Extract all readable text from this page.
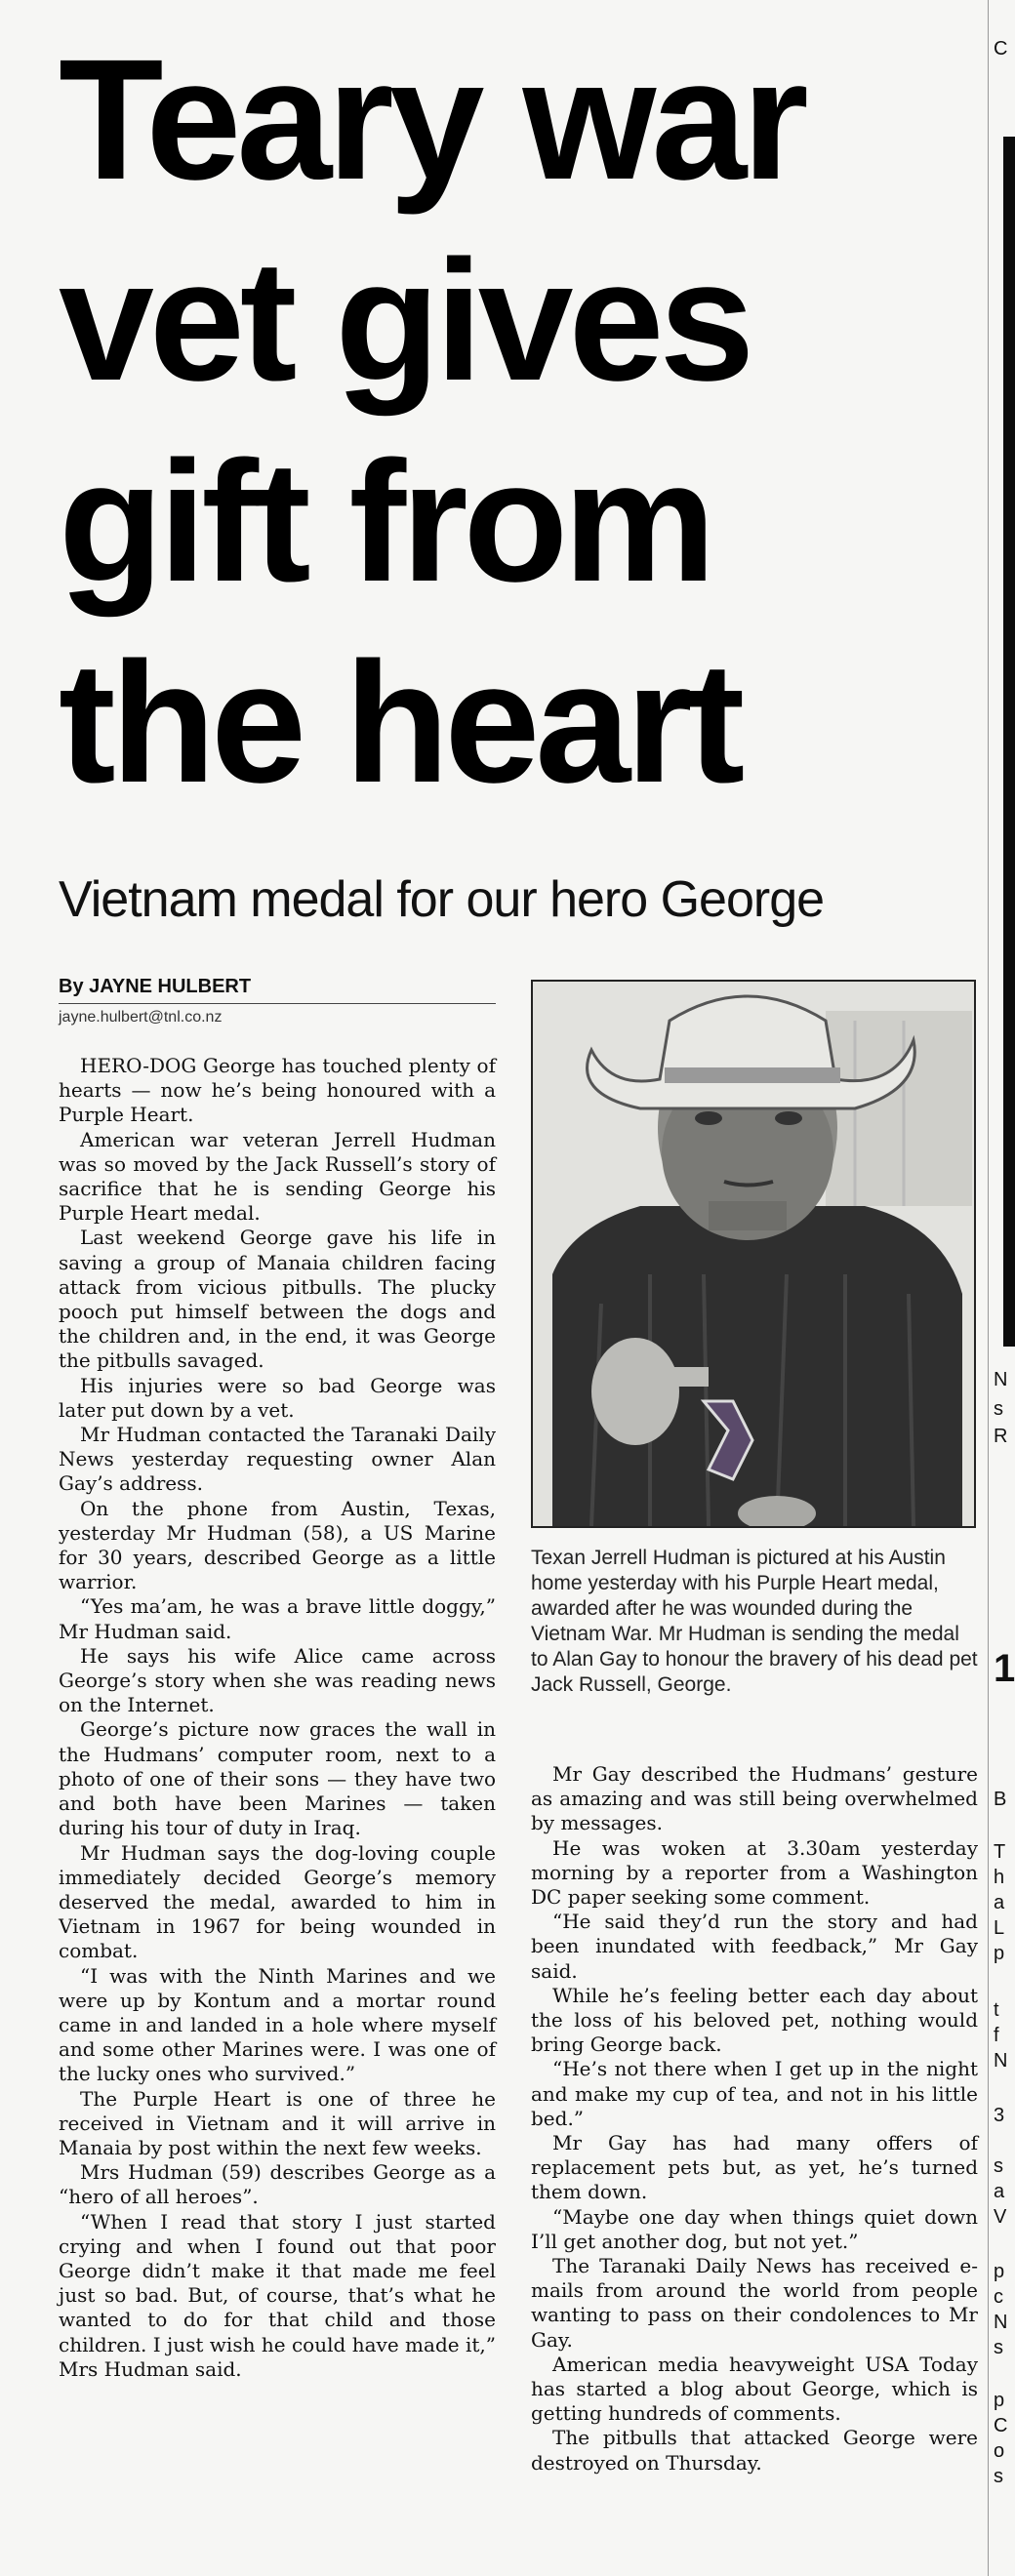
Teary war
vet gives
gift from
the heart
Vietnam medal for our hero George
By JAYNE HULBERT
jayne.hulbert@tnl.co.nz

HERO-DOG George has touched plenty of hearts — now he’s being honoured with a Purple Heart.

American war veteran Jerrell Hudman was so moved by the Jack Russell’s story of sacrifice that he is sending George his Purple Heart medal.

Last weekend George gave his life in saving a group of Manaia children facing attack from vicious pitbulls. The plucky pooch put himself between the dogs and the children and, in the end, it was George the pitbulls savaged.

His injuries were so bad George was later put down by a vet.

Mr Hudman contacted the Taranaki Daily News yesterday requesting owner Alan Gay’s address.

On the phone from Austin, Texas, yesterday Mr Hudman (58), a US Marine for 30 years, described George as a little warrior.

“Yes ma’am, he was a brave little doggy,” Mr Hudman said.

He says his wife Alice came across George’s story when she was reading news on the Internet.

George’s picture now graces the wall in the Hudmans’ computer room, next to a photo of one of their sons — they have two and both have been Marines — taken during his tour of duty in Iraq.

Mr Hudman says the dog-loving couple immediately decided George’s memory deserved the medal, awarded to him in Vietnam in 1967 for being wounded in combat.

“I was with the Ninth Marines and we were up by Kontum and a mortar round came in and landed in a hole where myself and some other Marines were. I was one of the lucky ones who survived.”

The Purple Heart is one of three he received in Vietnam and it will arrive in Manaia by post within the next few weeks.

Mrs Hudman (59) describes George as a “hero of all heroes”.

“When I read that story I just started crying and when I found out that poor George didn’t make it that made me feel just so bad. But, of course, that’s what he wanted to do for that child and those children. I just wish he could have made it,” Mrs Hudman said.

Texan Jerrell Hudman is pictured at his Austin home yesterday with his Purple Heart medal, awarded after he was wounded during the Vietnam War. Mr Hudman is sending the medal to Alan Gay to honour the bravery of his dead pet Jack Russell, George.

Mr Gay described the Hudmans’ gesture as amazing and was still being overwhelmed by messages.

He was woken at 3.30am yesterday morning by a reporter from a Washington DC paper seeking some comment.

“He said they’d run the story and had been inundated with feedback,” Mr Gay said.

While he’s feeling better each day about the loss of his beloved pet, nothing would bring George back.

“He’s not there when I get up in the night and make my cup of tea, and not in his little bed.”

Mr Gay has had many offers of replacement pets but, as yet, he’s turned them down.

“Maybe one day when things quiet down I’ll get another dog, but not yet.”

The Taranaki Daily News has received e-mails from around the world from people wanting to pass on their condolences to Mr Gay.

American media heavyweight USA Today has started a blog about George, which is getting hundreds of comments.

The pitbulls that attacked George were destroyed on Thursday.

C
N
s
R
1
B
T
h
a
L
p
t
f
N
3
s
a
V
p
c
N
s
p
C
o
s
